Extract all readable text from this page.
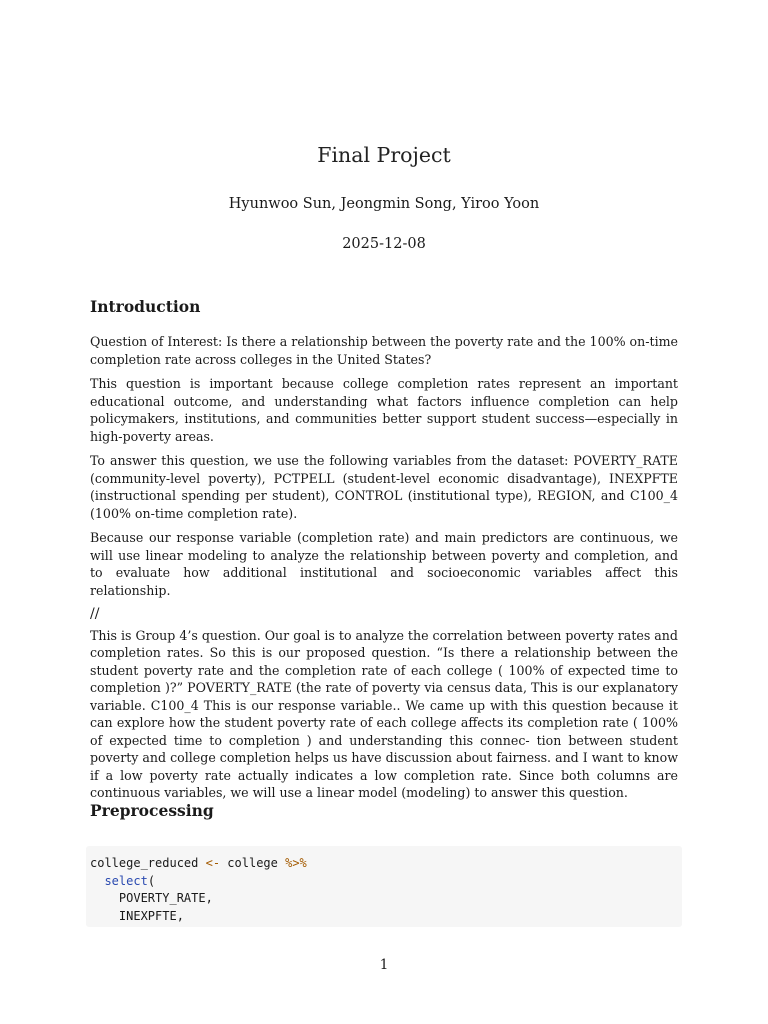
Final Project
Hyunwoo Sun, Jeongmin Song, Yiroo Yoon
2025-12-08
Introduction

Question of Interest: Is there a relationship between the poverty rate and the 100% on-time completion rate across colleges in the United States?

This question is important because college completion rates represent an important educational outcome, and understanding what factors influence completion can help policymakers, institutions, and communities better support student success—especially in high-poverty areas.

To answer this question, we use the following variables from the dataset: POVERTY_RATE (community-level poverty), PCTPELL (student-level economic disadvantage), INEXPFTE (instructional spending per student), CONTROL (institutional type), REGION, and C100_4 (100% on-time completion rate).

Because our response variable (completion rate) and main predictors are continuous, we will use linear modeling to analyze the relationship between poverty and completion, and to evaluate how additional institutional and socioeconomic variables affect this relationship.

//

This is Group 4’s question. Our goal is to analyze the correlation between poverty rates and completion rates. So this is our proposed question. “Is there a relationship between the student poverty rate and the completion rate of each college ( 100% of expected time to completion )?” POVERTY_RATE (the rate of poverty via census data, This is our explanatory variable. C100_4 This is our response variable.. We came up with this question because it can explore how the student poverty rate of each college affects its completion rate ( 100% of expected time to completion ) and understanding this connec- tion between student poverty and college completion helps us have discussion about fairness. and I want to know if a low poverty rate actually indicates a low completion rate. Since both columns are continuous variables, we will use a linear model (modeling) to answer this question.

Preprocessing
college_reduced <- college %>%
select(
POVERTY_RATE,
INEXPFTE,
1
